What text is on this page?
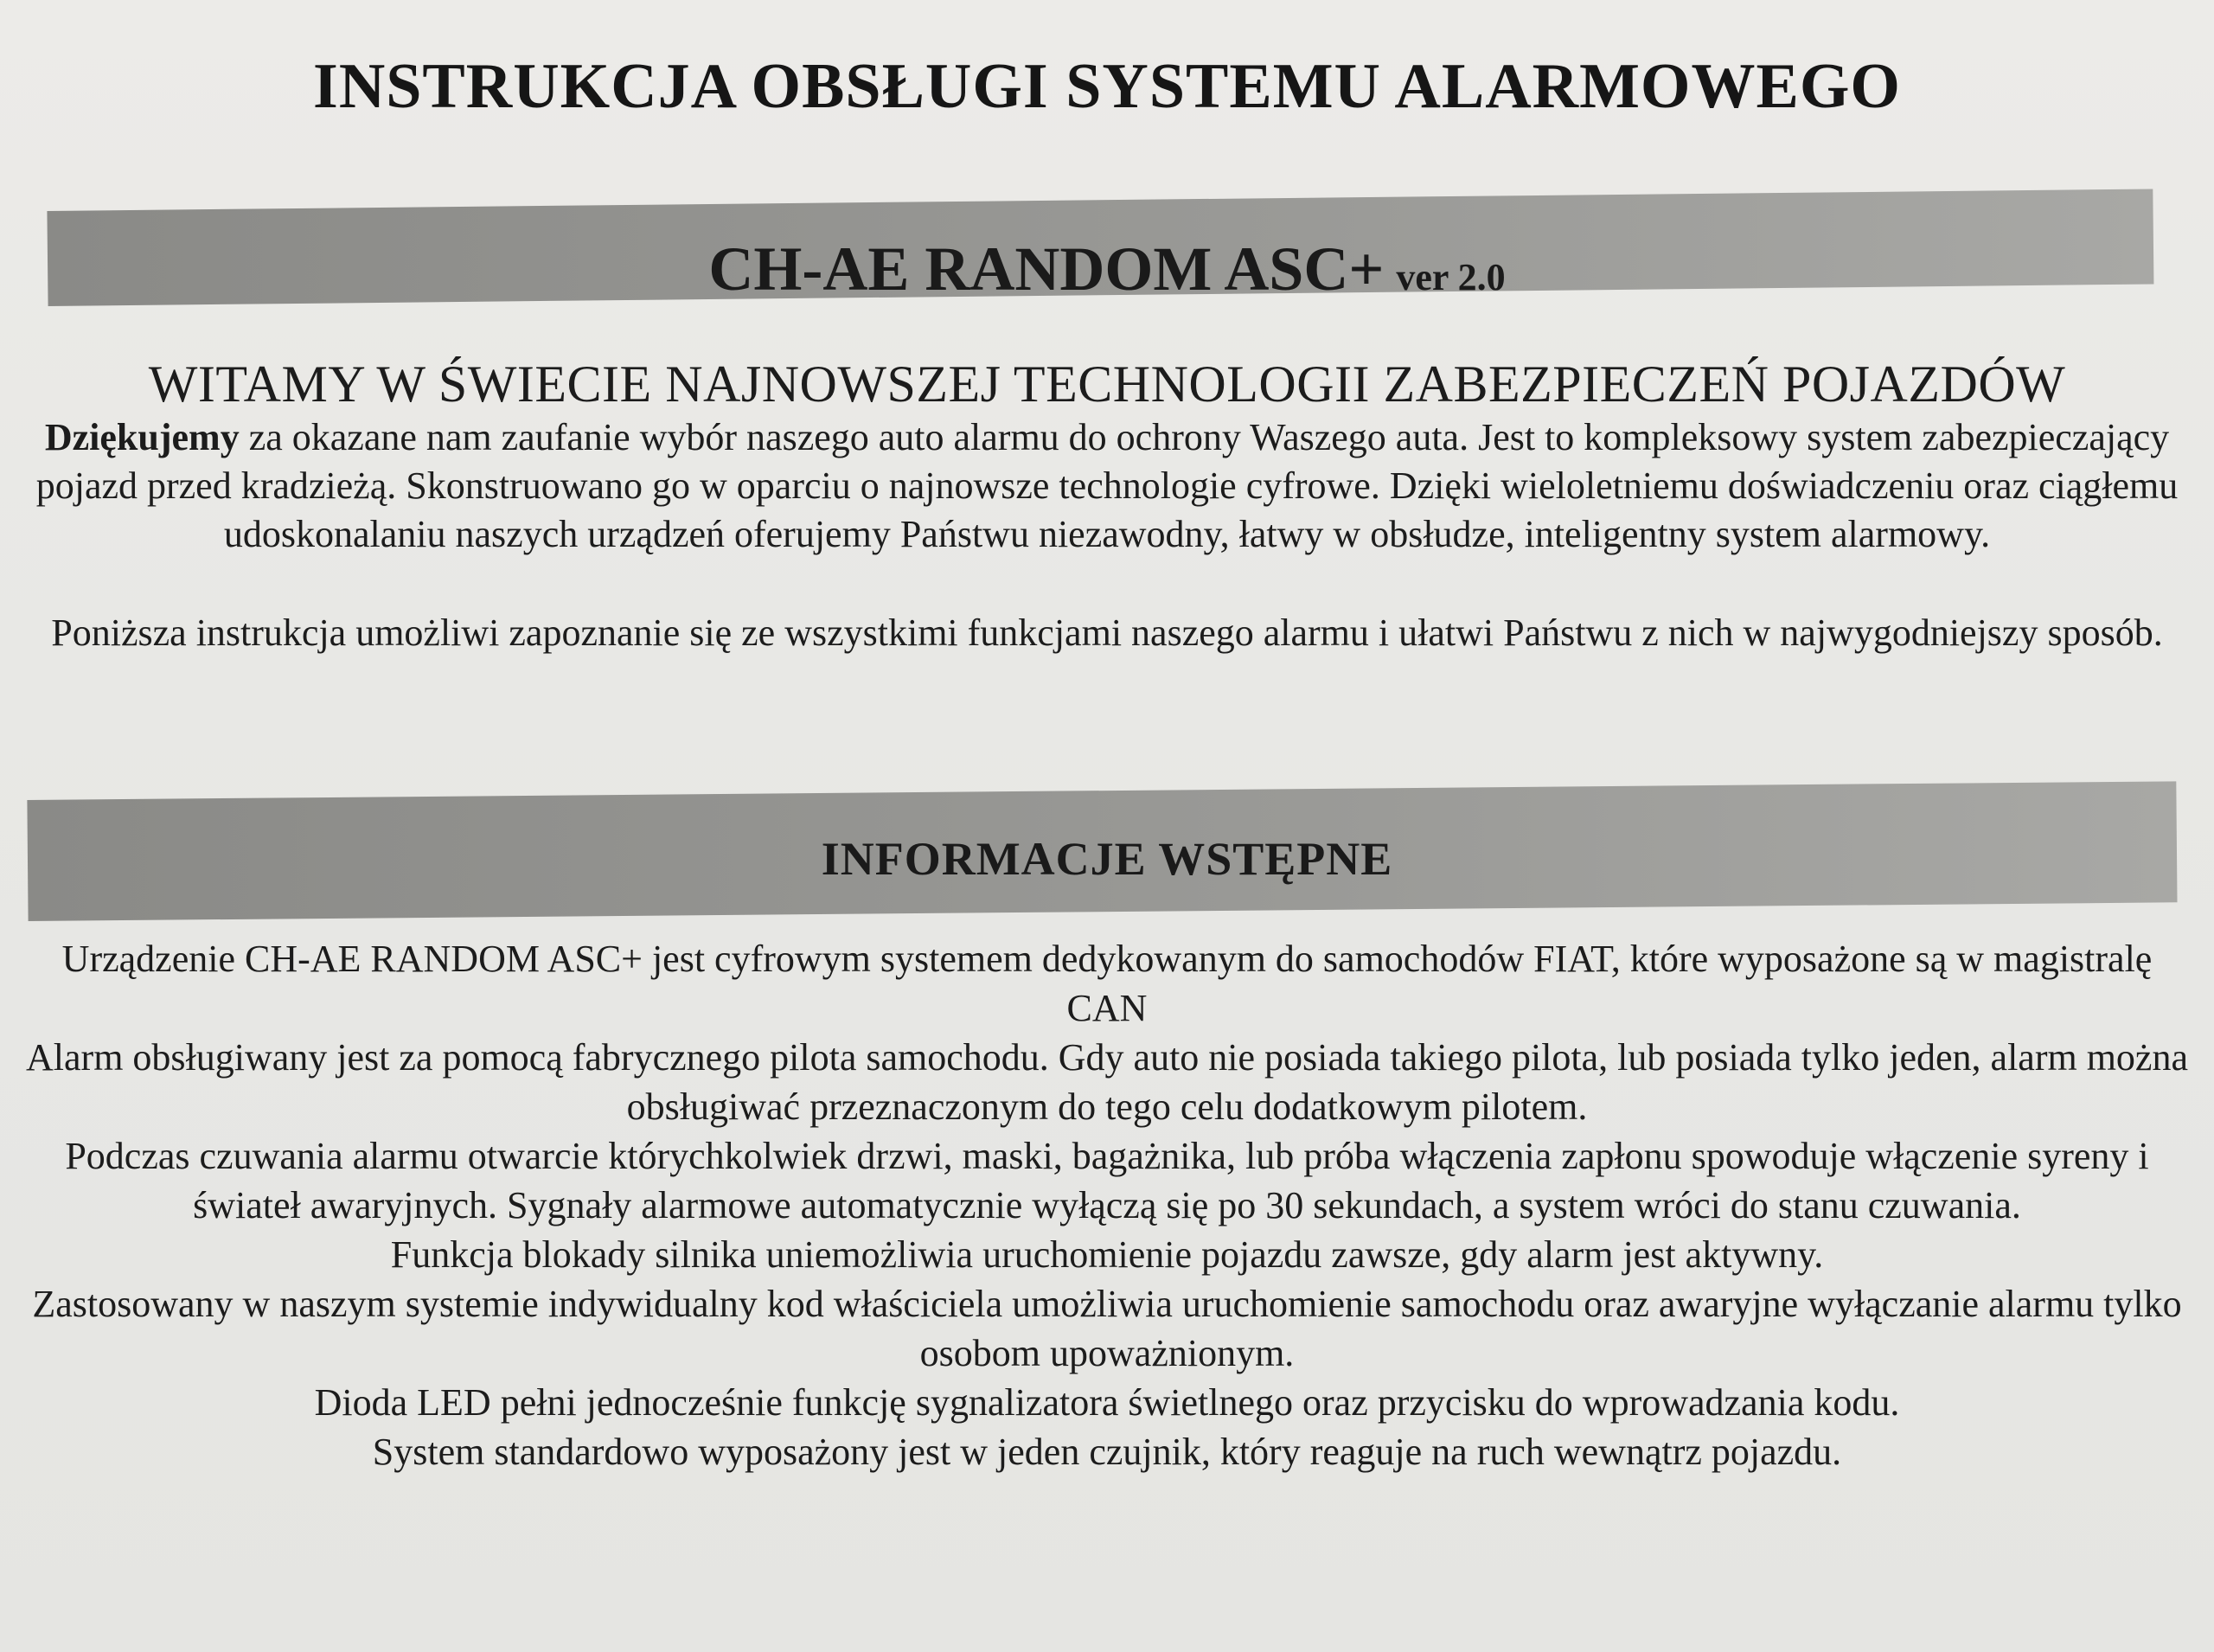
INSTRUKCJA OBSŁUGI SYSTEMU ALARMOWEGO
CH-AE RANDOM ASC+ ver 2.0
WITAMY W ŚWIECIE NAJNOWSZEJ TECHNOLOGII ZABEZPIECZEŃ POJAZDÓW
Dziękujemy za okazane nam zaufanie wybór naszego auto alarmu do ochrony Waszego auta. Jest to kompleksowy system zabezpieczający pojazd przed kradzieżą. Skonstruowano go w oparciu o najnowsze technologie cyfrowe. Dzięki wieloletniemu doświadczeniu oraz ciągłemu udoskonalaniu naszych urządzeń oferujemy Państwu niezawodny, łatwy w obsłudze, inteligentny system alarmowy.
Poniższa instrukcja umożliwi zapoznanie się ze wszystkimi funkcjami naszego alarmu i ułatwi Państwu z nich w najwygodniejszy sposób.
INFORMACJE WSTĘPNE

Urządzenie CH-AE RANDOM ASC+ jest cyfrowym systemem dedykowanym do samochodów FIAT, które wyposażone są w magistralę CAN

Alarm obsługiwany jest za pomocą fabrycznego pilota samochodu. Gdy auto nie posiada takiego pilota, lub posiada tylko jeden, alarm można obsługiwać przeznaczonym do tego celu dodatkowym pilotem.

Podczas czuwania alarmu otwarcie którychkolwiek drzwi, maski, bagażnika, lub próba włączenia zapłonu spowoduje włączenie syreny i świateł awaryjnych. Sygnały alarmowe automatycznie wyłączą się po 30 sekundach, a system wróci do stanu czuwania.

Funkcja blokady silnika uniemożliwia uruchomienie pojazdu zawsze, gdy alarm jest aktywny.

Zastosowany w naszym systemie indywidualny kod właściciela umożliwia uruchomienie samochodu oraz awaryjne wyłączanie alarmu tylko osobom upoważnionym.

Dioda LED pełni jednocześnie funkcję sygnalizatora świetlnego oraz przycisku do wprowadzania kodu.

System standardowo wyposażony jest w jeden czujnik, który reaguje na ruch wewnątrz pojazdu.
